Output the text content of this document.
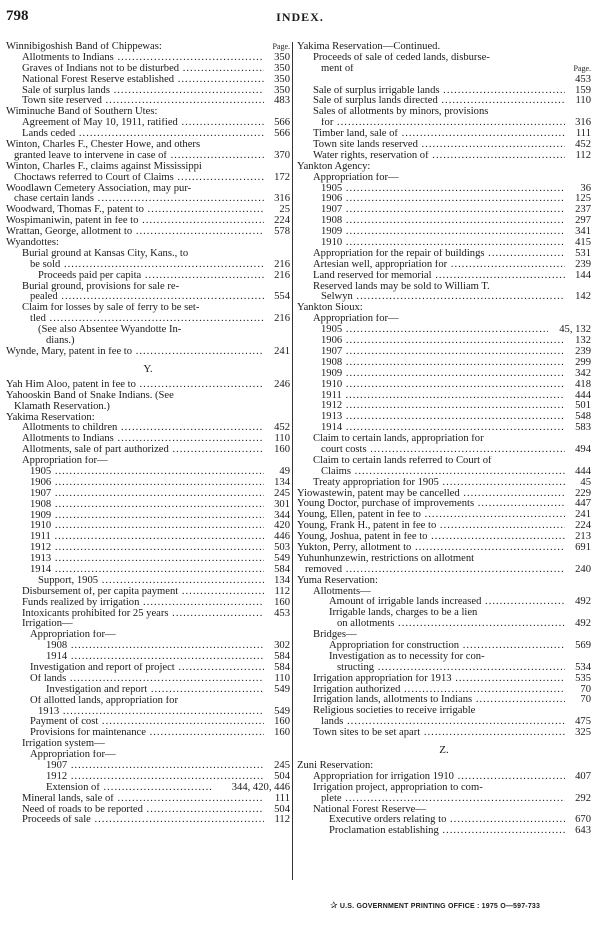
798	INDEX.
Winnibigoshish Band of Chippewas:	Page.
Allotments to Indians .....	350
Graves of Indians not to be disturbed .....	350
National Forest Reserve established .....	350
Sale of surplus lands .....	350
Town site reserved .....	483
Wiminuche Band of Southern Utes:
Agreement of May 10, 1911, ratified .....	566
Lands ceded .....	566
Winton, Charles F., Chester Howe, and others
granted leave to intervene in case of .....	370
Winton, Charles F., claims against Mississippi
Choctaws referred to Court of Claims .....	172
Woodlawn Cemetery Association, may pur-
chase certain lands .....	316
Woodward, Thomas F., patent to .....	25
Wospimaniwin, patent in fee to .....	224
Wrattan, George, allotment to .....	578
Wyandottes:
Burial ground at Kansas City, Kans., to
be sold .....	216
Proceeds paid per capita .....	216
Burial ground, provisions for sale re-
pealed .....	554
Claim for losses by sale of ferry to be set-
tled .....	216
(See also Absentee Wyandotte In-
dians.)
Wynde, Mary, patent in fee to .....	241
Y.
Yah Him Aloo, patent in fee to .....	246
Yahooskin Band of Snake Indians. (See
Klamath Reservation.)
Yakima Reservation:
Allotments to children .....	452
Allotments to Indians .....	110
Allotments, sale of part authorized .....	160
Appropriation for—
1905 .....	49
1906 .....	134
1907 .....	245
1908 .....	301
1909 .....	344
1910 .....	420
1911 .....	446
1912 .....	503
1913 .....	549
1914 .....	584
Support, 1905 .....	134
Disbursement of, per capita payment .....	112
Funds realized by irrigation .....	160
Intoxicants prohibited for 25 years .....	453
Irrigation—
Appropriation for—
1908 .....	302
1914 .....	584
Investigation and report of project .....	584
Of lands .....	110
Investigation and report .....	549
Of allotted lands, appropriation for
1913 .....	549
Payment of cost .....	160
Provisions for maintenance .....	160
Irrigation system—
Appropriation for—
1907 .....	245
1912 .....	504
Extension of .....	344, 420, 446
Mineral lands, sale of .....	111
Need of roads to be reported .....	504
Proceeds of sale .....	112
Yakima Reservation—Continued.
Proceeds of sale of ceded lands, disburse-
ment of	Page.
453
Sale of surplus irrigable lands .....	159
Sale of surplus lands directed .....	110
Sales of allotments by minors, provisions
for .....	316
Timber land, sale of .....	111
Town site lands reserved .....	452
Water rights, reservation of .....	112
Yankton Agency:
Appropriation for—
1905 .....	36
1906 .....	125
1907 .....	237
1908 .....	297
1909 .....	341
1910 .....	415
Appropriation for the repair of buildings .....	531
Artesian well, appropriation for .....	239
Land reserved for memorial .....	144
Reserved lands may be sold to William T.
Selwyn .....	142
Yankton Sioux:
Appropriation for—
1905 .....	45, 132
1906 .....	132
1907 .....	239
1908 .....	299
1909 .....	342
1910 .....	418
1911 .....	444
1912 .....	501
1913 .....	548
1914 .....	583
Claim to certain lands, appropriation for
court costs .....	494
Claim to certain lands referred to Court of
Claims .....	444
Treaty appropriation for 1905 .....	45
Yiowastewin, patent may be cancelled .....	229
Young Doctor, purchase of improvements .....	447
Young, Ellen, patent in fee to .....	241
Young, Frank H., patent in fee to .....	224
Young, Joshua, patent in fee to .....	213
Yukton, Perry, allotment to .....	691
Yuhunhunzewin, restrictions on allotment
removed .....	240
Yuma Reservation:
Allotments—
Amount of irrigable lands increased .....	492
Irrigable lands, charges to be a lien
on allotments .....	492
Bridges—
Appropriation for construction .....	569
Investigation as to necessity for con-
structing .....	534
Irrigation appropriation for 1913 .....	535
Irrigation authorized .....	70
Irrigation lands, allotments to Indians .....	70
Religious societies to receive irrigable
lands .....	475
Town sites to be set apart .....	325
Z.
Zuni Reservation:
Appropriation for irrigation 1910 .....	407
Irrigation project, appropriation to com-
plete .....	292
National Forest Reserve—
Executive orders relating to .....	670
Proclamation establishing .....	643
✰ U.S. GOVERNMENT PRINTING OFFICE : 1975 O—597-733
